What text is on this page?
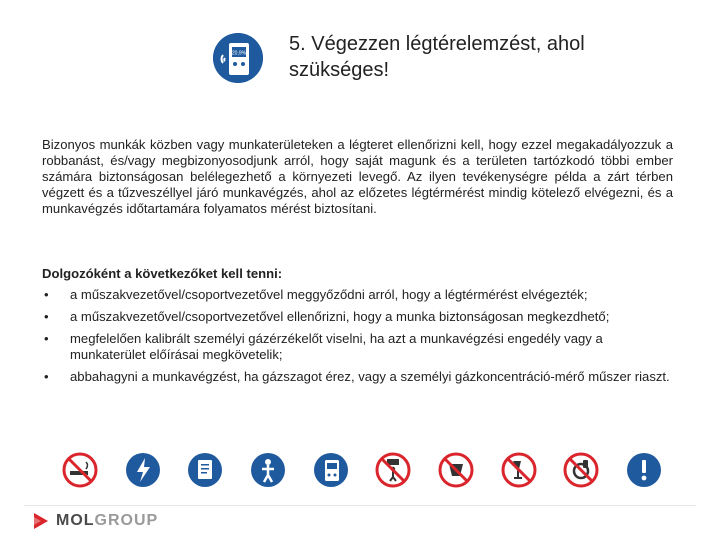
20,9% 5. Végezzen légtérelemzést, ahol szükséges!
Bizonyos munkák közben vagy munkaterületeken a légteret ellenőrizni kell, hogy ezzel megakadályozzuk a robbanást, és/vagy megbizonyosodjunk arról, hogy saját magunk és a területen tartózkodó többi ember számára biztonságosan belélegezhető a környezeti levegő. Az ilyen tevékenységre példa a zárt térben végzett és a tűzveszéllyel járó munkavégzés, ahol az előzetes légtérmérést mindig kötelező elvégezni, és a munkavégzés időtartamára folyamatos mérést biztosítani.
Dolgozóként a következőket kell tenni:
• a műszakvezetővel/csoportvezetővel meggyőződni arról, hogy a légtérmérést elvégezték;
• a műszakvezetővel/csoportvezetővel ellenőrizni, hogy a munka biztonságosan megkezdhető;
• megfelelően kalibrált személyi gázérzékelőt viselni, ha azt a munkavégzési engedély vagy a munkaterület előírásai megkövetelik;
• abbahagyni a munkavégzést, ha gázszagot érez, vagy a személyi gázkoncentráció-mérő műszer riaszt.
MOLGROUP
